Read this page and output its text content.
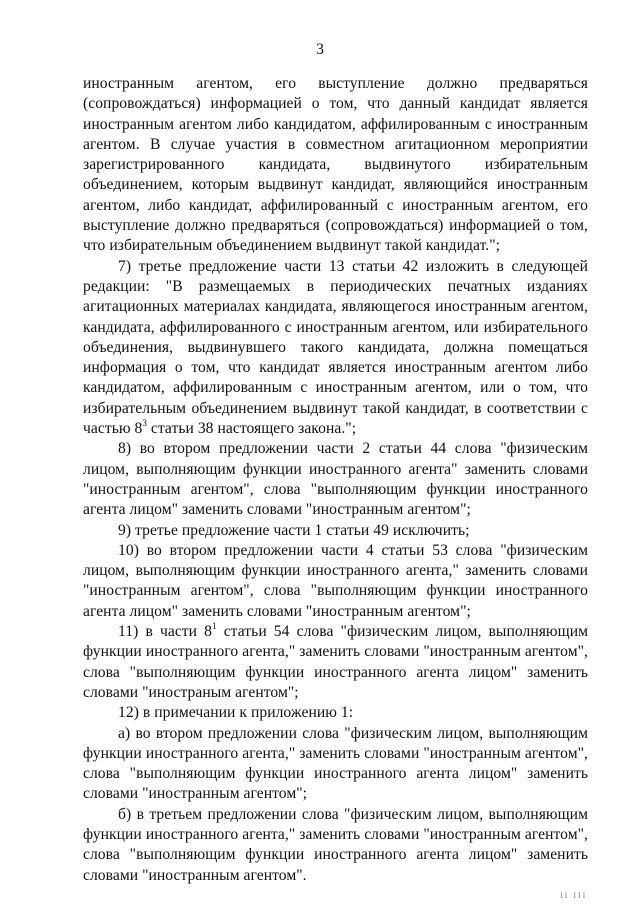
3

иностранным агентом, его выступление должно предваряться (сопровождаться) информацией о том, что данный кандидат является иностранным агентом либо кандидатом, аффилированным с иностранным агентом. В случае участия в совместном агитационном мероприятии зарегистрированного кандидата, выдвинутого избирательным объединением, которым выдвинут кандидат, являющийся иностранным агентом, либо кандидат, аффилированный с иностранным агентом, его выступление должно предваряться (сопровождаться) информацией о том, что избирательным объединением выдвинут такой кандидат.";

7) третье предложение части 13 статьи 42 изложить в следующей редакции: "В размещаемых в периодических печатных изданиях агитационных материалах кандидата, являющегося иностранным агентом, кандидата, аффилированного с иностранным агентом, или избирательного объединения, выдвинувшего такого кандидата, должна помещаться информация о том, что кандидат является иностранным агентом либо кандидатом, аффилированным с иностранным агентом, или о том, что избирательным объединением выдвинут такой кандидат, в соответствии с частью $8^3$ статьи 38 настоящего закона.";

8) во втором предложении части 2 статьи 44 слова "физическим лицом, выполняющим функции иностранного агента" заменить словами "иностранным агентом", слова "выполняющим функции иностранного агента лицом" заменить словами "иностранным агентом";

9) третье предложение части 1 статьи 49 исключить;

10) во втором предложении части 4 статьи 53 слова "физическим лицом, выполняющим функции иностранного агента," заменить словами "иностранным агентом", слова "выполняющим функции иностранного агента лицом" заменить словами "иностранным агентом";

11) в части $8^1$ статьи 54 слова "физическим лицом, выполняющим функции иностранного агента," заменить словами "иностранным агентом", слова "выполняющим функции иностранного агента лицом" заменить словами "иностраным агентом";

12) в примечании к приложению 1:

а) во втором предложении слова "физическим лицом, выполняющим функции иностранного агента," заменить словами "иностранным агентом", слова "выполняющим функции иностранного агента лицом" заменить словами "иностранным агентом";

б) в третьем предложении слова "физическим лицом, выполняющим функции иностранного агента," заменить словами "иностранным агентом", слова "выполняющим функции иностранного агента лицом" заменить словами "иностранным агентом".

II III
